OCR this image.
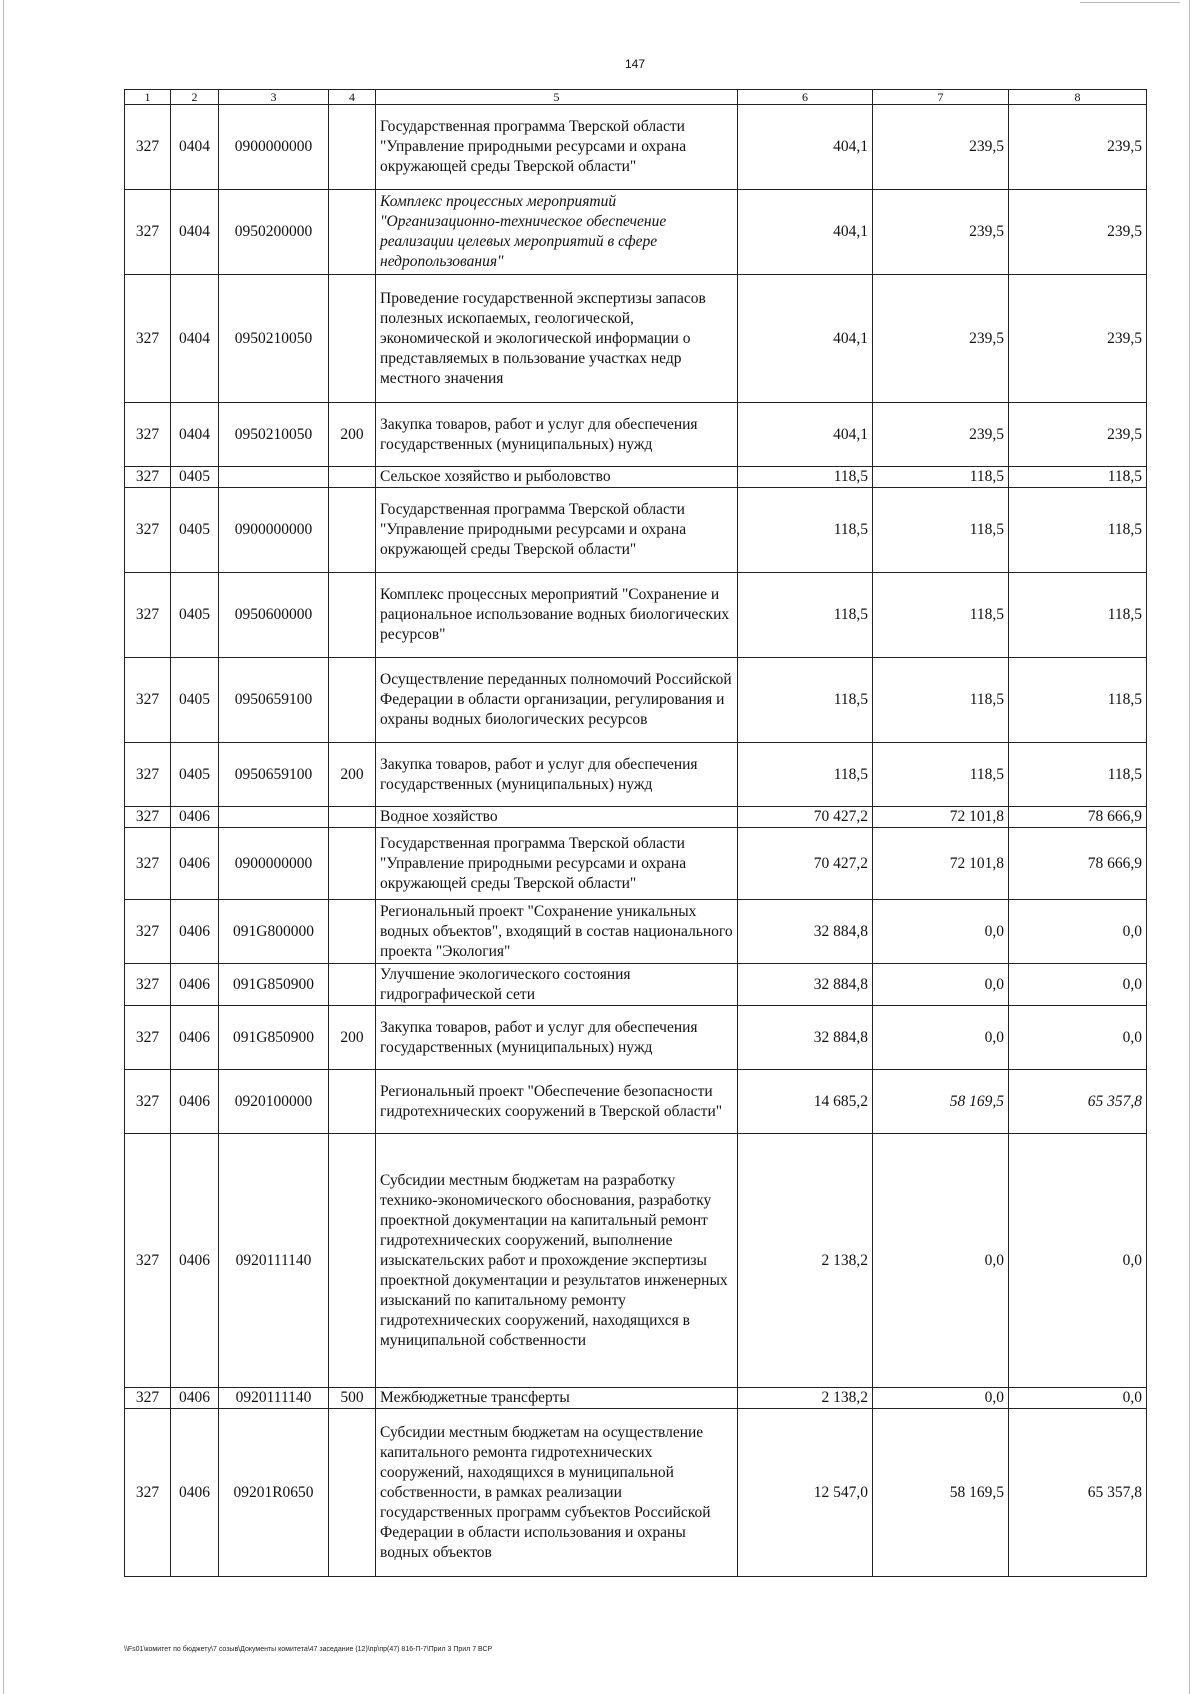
147
1	2	3	4	5	6	7	8
327	0404	0900000000		Государственная программа Тверской области "Управление природными ресурсами и охрана окружающей среды Тверской области"	404,1	239,5	239,5
327	0404	0950200000		Комплекс процессных мероприятий "Организационно-техническое обеспечение реализации целевых мероприятий в сфере недропользования"	404,1	239,5	239,5
327	0404	0950210050		Проведение государственной экспертизы запасов полезных ископаемых, геологической, экономической и экологической информации о представляемых в пользование участках недр местного значения	404,1	239,5	239,5
327	0404	0950210050	200	Закупка товаров, работ и услуг для обеспечения государственных (муниципальных) нужд	404,1	239,5	239,5
327	0405			Сельское хозяйство и рыболовство	118,5	118,5	118,5
327	0405	0900000000		Государственная программа Тверской области "Управление природными ресурсами и охрана окружающей среды Тверской области"	118,5	118,5	118,5
327	0405	0950600000		Комплекс процессных мероприятий "Сохранение и рациональное использование водных биологических ресурсов"	118,5	118,5	118,5
327	0405	0950659100		Осуществление переданных полномочий Российской Федерации в области организации, регулирования и охраны водных биологических ресурсов	118,5	118,5	118,5
327	0405	0950659100	200	Закупка товаров, работ и услуг для обеспечения государственных (муниципальных) нужд	118,5	118,5	118,5
327	0406			Водное хозяйство	70 427,2	72 101,8	78 666,9
327	0406	0900000000		Государственная программа Тверской области "Управление природными ресурсами и охрана окружающей среды Тверской области"	70 427,2	72 101,8	78 666,9
327	0406	091G800000		Региональный проект "Сохранение уникальных водных объектов", входящий в состав национального проекта "Экология"	32 884,8	0,0	0,0
327	0406	091G850900		Улучшение экологического состояния гидрографической сети	32 884,8	0,0	0,0
327	0406	091G850900	200	Закупка товаров, работ и услуг для обеспечения государственных (муниципальных) нужд	32 884,8	0,0	0,0
327	0406	0920100000		Региональный проект "Обеспечение безопасности гидротехнических сооружений в Тверской области"	14 685,2	58 169,5	65 357,8
327	0406	0920111140		Субсидии местным бюджетам на разработку технико-экономического обоснования, разработку проектной документации на капитальный ремонт гидротехнических сооружений, выполнение изыскательских работ и прохождение экспертизы проектной документации и результатов инженерных изысканий по капитальному ремонту гидротехнических сооружений, находящихся в муниципальной собственности	2 138,2	0,0	0,0
327	0406	0920111140	500	Межбюджетные трансферты	2 138,2	0,0	0,0
327	0406	09201R0650		Субсидии местным бюджетам на осуществление капитального ремонта гидротехнических сооружений, находящихся в муниципальной собственности, в рамках реализации государственных программ субъектов Российской Федерации в области использования и охраны водных объектов	12 547,0	58 169,5	65 357,8
\\Fs01\комитет по бюджету\7 созыв\Документы комитета\47 заседание (12)\пр\пр(47) 816-П-7\Прил 3 Прил 7 ВСР
